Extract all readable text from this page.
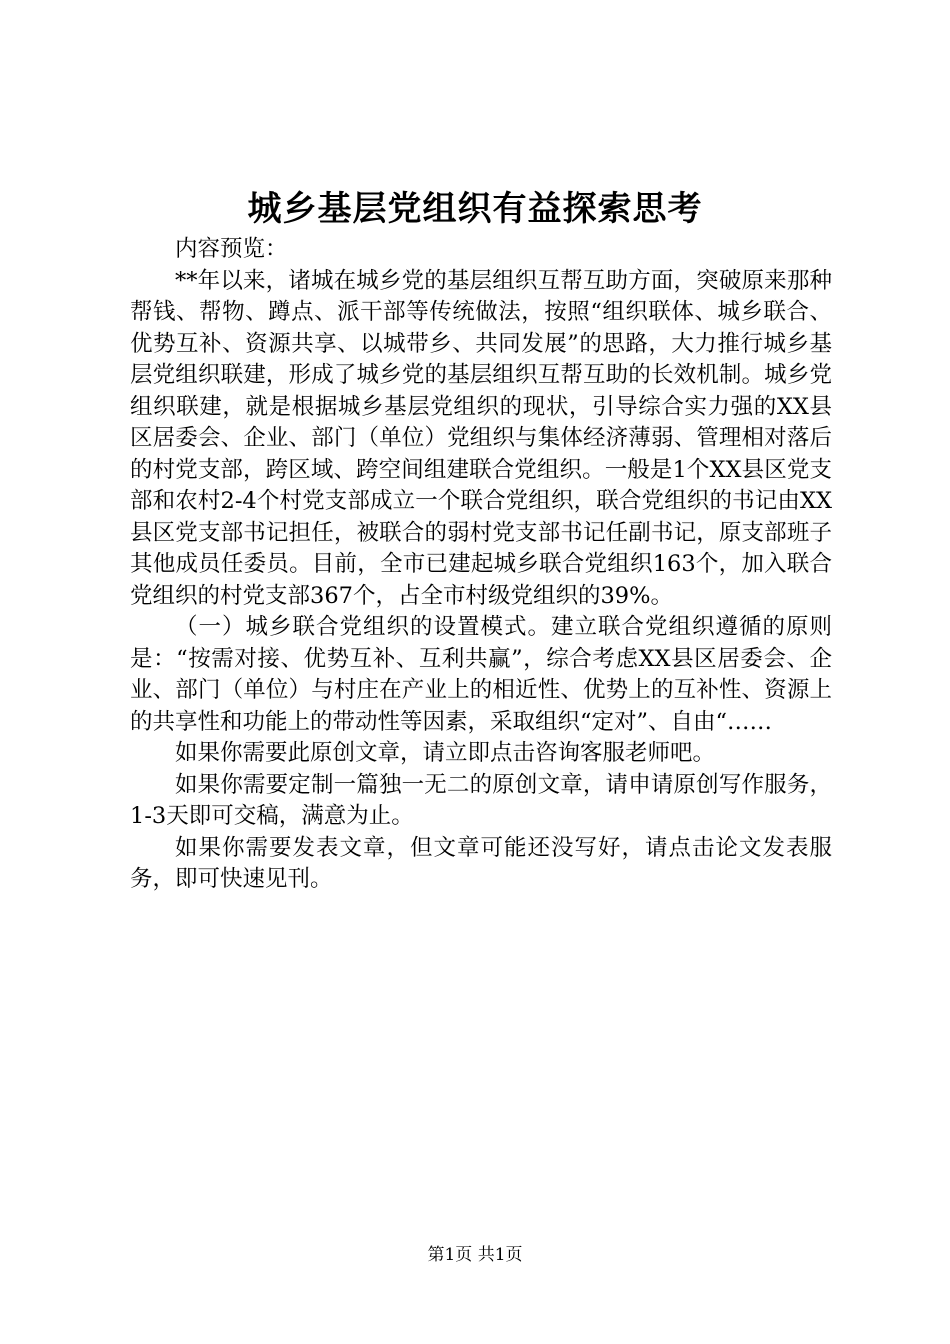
城乡基层党组织有益探索思考

内容预览：

**年以来，诸城在城乡党的基层组织互帮互助方面，突破原来那种帮钱、帮物、蹲点、派干部等传统做法，按照“组织联体、城乡联合、优势互补、资源共享、以城带乡、共同发展”的思路，大力推行城乡基层党组织联建，形成了城乡党的基层组织互帮互助的长效机制。城乡党组织联建，就是根据城乡基层党组织的现状，引导综合实力强的XX县区居委会、企业、部门（单位）党组织与集体经济薄弱、管理相对落后的村党支部，跨区域、跨空间组建联合党组织。一般是1个XX县区党支部和农村2-4个村党支部成立一个联合党组织，联合党组织的书记由XX县区党支部书记担任，被联合的弱村党支部书记任副书记，原支部班子其他成员任委员。目前，全市已建起城乡联合党组织163个，加入联合党组织的村党支部367个，占全市村级党组织的39%。

（一）城乡联合党组织的设置模式。建立联合党组织遵循的原则是：“按需对接、优势互补、互利共赢”，综合考虑XX县区居委会、企业、部门（单位）与村庄在产业上的相近性、优势上的互补性、资源上的共享性和功能上的带动性等因素，采取组织“定对”、自由“……

如果你需要此原创文章，请立即点击咨询客服老师吧。

如果你需要定制一篇独一无二的原创文章，请申请原创写作服务，1-3天即可交稿，满意为止。

如果你需要发表文章，但文章可能还没写好，请点击论文发表服务，即可快速见刊。

第1页 共1页
